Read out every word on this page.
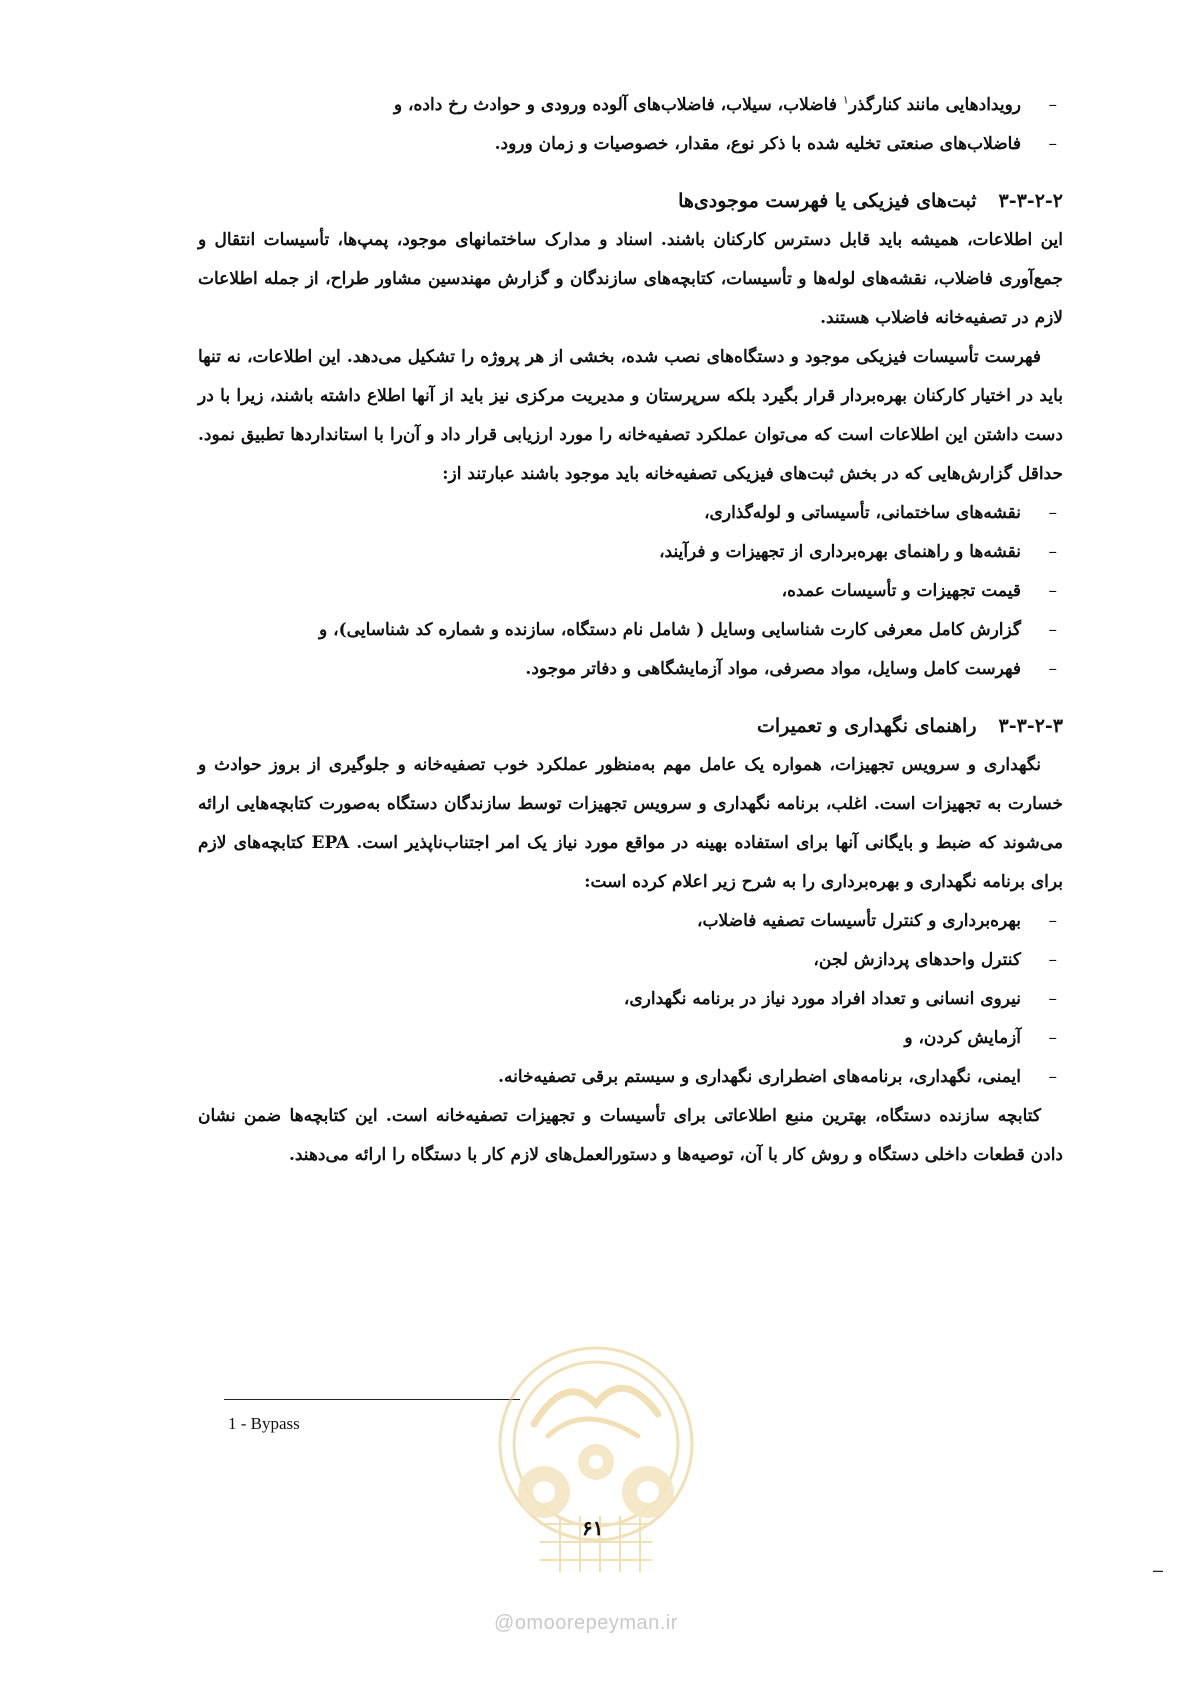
–
رویدادهایی مانند کنارگذر$^۱$ فاضلاب، سیلاب، فاضلاب‌های آلوده ورودی و حوادث رخ داده، و
–
فاضلاب‌های صنعتی تخلیه شده با ذکر نوع، مقدار، خصوصیات و زمان ورود.
۳-۳-۲-۲
ثبت‌های فیزیکی یا فهرست موجودی‌ها

این اطلاعات، همیشه باید قابل دسترس کارکنان باشند. اسناد و مدارک ساختمانهای موجود، پمپ‌ها، تأسیسات انتقال و جمع‌آوری فاضلاب، نقشه‌های لوله‌ها و تأسیسات، کتابچه‌های سازندگان و گزارش مهندسین مشاور طراح، از جمله اطلاعات لازم در تصفیه‌خانه فاضلاب هستند.

فهرست تأسیسات فیزیکی موجود و دستگاه‌های نصب شده، بخشی از هر پروژه را تشکیل می‌دهد. این اطلاعات، نه تنها باید در اختیار کارکنان بهره‌بردار قرار بگیرد بلکه سرپرستان و مدیریت مرکزی نیز باید از آنها اطلاع داشته باشند، زیرا با در دست داشتن این اطلاعات است که می‌توان عملکرد تصفیه‌خانه را مورد ارزیابی قرار داد و آن‌را با استانداردها تطبیق نمود. حداقل گزارش‌هایی که در بخش ثبت‌های فیزیکی تصفیه‌خانه باید موجود باشند عبارتند از:

–
نقشه‌های ساختمانی، تأسیساتی و لوله‌گذاری،
–
نقشه‌ها و راهنمای بهره‌برداری از تجهیزات و فرآیند،
–
قیمت تجهیزات و تأسیسات عمده،
–
گزارش کامل معرفی کارت شناسایی وسایل ( شامل نام دستگاه، سازنده و شماره کد شناسایی)، و
–
فهرست کامل وسایل، مواد مصرفی، مواد آزمایشگاهی و دفاتر موجود.
۳-۳-۲-۳
راهنمای نگهداری و تعمیرات

نگهداری و سرویس تجهیزات، همواره یک عامل مهم به‌منظور عملکرد خوب تصفیه‌خانه و جلوگیری از بروز حوادث و خسارت به تجهیزات است. اغلب، برنامه نگهداری و سرویس تجهیزات توسط سازندگان دستگاه به‌صورت کتابچه‌هایی ارائه می‌شوند که ضبط و بایگانی آنها برای استفاده بهینه در مواقع مورد نیاز یک امر اجتناب‌ناپذیر است. EPA کتابچه‌های لازم برای برنامه نگهداری و بهره‌برداری را به شرح زیر اعلام کرده است:

–
بهره‌برداری و کنترل تأسیسات تصفیه فاضلاب،
–
کنترل واحدهای پردازش لجن،
–
نیروی انسانی و تعداد افراد مورد نیاز در برنامه نگهداری،
–
آزمایش کردن، و
–
ایمنی، نگهداری، برنامه‌های اضطراری نگهداری و سیستم برقی تصفیه‌خانه.

کتابچه سازنده دستگاه، بهترین منبع اطلاعاتی برای تأسیسات و تجهیزات تصفیه‌خانه است. این کتابچه‌ها ضمن نشان دادن قطعات داخلی دستگاه و روش کار با آن، توصیه‌ها و دستورالعمل‌های لازم کار با دستگاه را ارائه می‌دهند.

1 - Bypass
۶۱
@omoorepeyman.ir
–
